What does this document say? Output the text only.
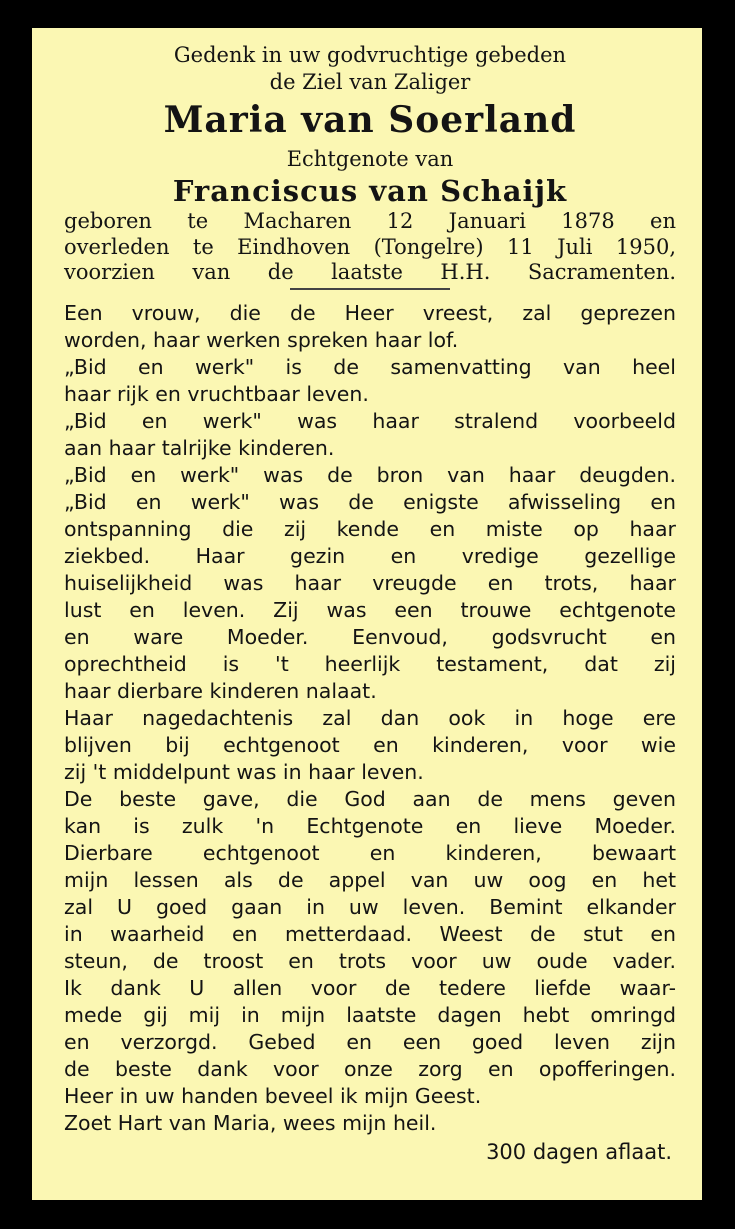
Gedenk in uw godvruchtige gebeden
de Ziel van Zaliger
Maria van Soerland
Echtgenote van
Franciscus van Schaijk
geboren te Macharen 12 Januari 1878 en
overleden te Eindhoven (Tongelre) 11 Juli 1950,
voorzien van de laatste H.H. Sacramenten.
Een vrouw, die de Heer vreest, zal geprezen
worden, haar werken spreken haar lof.
„Bid en werk" is de samenvatting van heel
haar rijk en vruchtbaar leven.
„Bid en werk" was haar stralend voorbeeld
aan haar talrijke kinderen.
„Bid en werk" was de bron van haar deugden.
„Bid en werk" was de enigste afwisseling en
ontspanning die zij kende en miste op haar
ziekbed. Haar gezin en vredige gezellige
huiselijkheid was haar vreugde en trots, haar
lust en leven. Zij was een trouwe echtgenote
en ware Moeder. Eenvoud, godsvrucht en
oprechtheid is 't heerlijk testament, dat zij
haar dierbare kinderen nalaat.
Haar nagedachtenis zal dan ook in hoge ere
blijven bij echtgenoot en kinderen, voor wie
zij 't middelpunt was in haar leven.
De beste gave, die God aan de mens geven
kan is zulk 'n Echtgenote en lieve Moeder.
Dierbare echtgenoot en kinderen, bewaart
mijn lessen als de appel van uw oog en het
zal U goed gaan in uw leven. Bemint elkander
in waarheid en metterdaad. Weest de stut en
steun, de troost en trots voor uw oude vader.
Ik dank U allen voor de tedere liefde waar-
mede gij mij in mijn laatste dagen hebt omringd
en verzorgd. Gebed en een goed leven zijn
de beste dank voor onze zorg en opofferingen.
Heer in uw handen beveel ik mijn Geest.
Zoet Hart van Maria, wees mijn heil.
300 dagen aflaat.
